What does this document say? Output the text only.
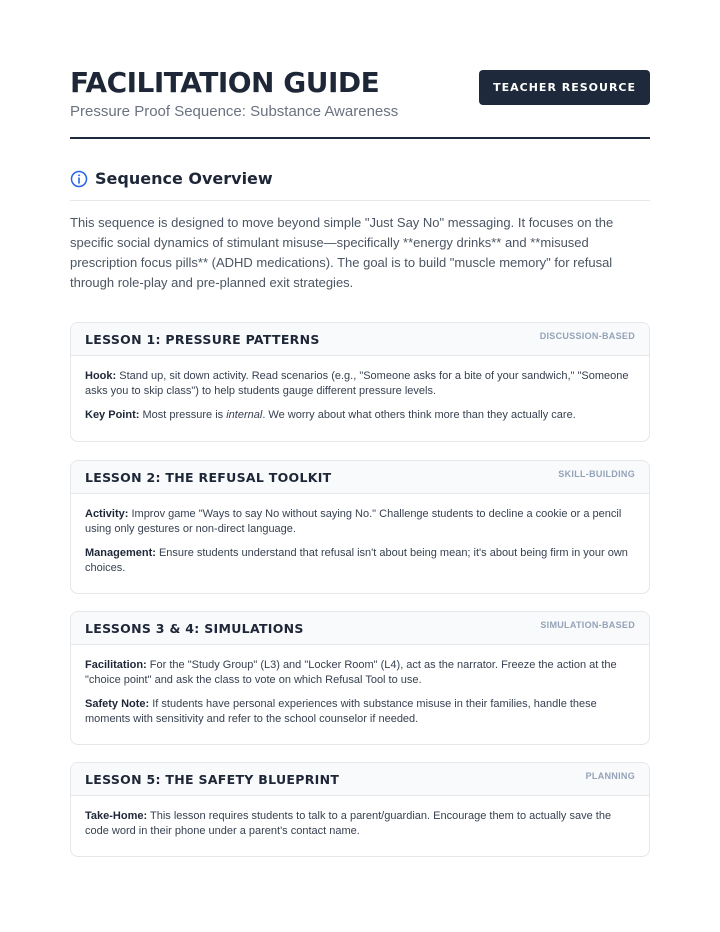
FACILITATION GUIDE
Pressure Proof Sequence: Substance Awareness
TEACHER RESOURCE
Sequence Overview
This sequence is designed to move beyond simple "Just Say No" messaging. It focuses on the specific social dynamics of stimulant misuse—specifically **energy drinks** and **misused prescription focus pills** (ADHD medications). The goal is to build "muscle memory" for refusal through role-play and pre-planned exit strategies.
LESSON 1: PRESSURE PATTERNS	DISCUSSION-BASED

Hook: Stand up, sit down activity. Read scenarios (e.g., "Someone asks for a bite of your sandwich," "Someone asks you to skip class") to help students gauge different pressure levels.

Key Point: Most pressure is internal. We worry about what others think more than they actually care.

LESSON 2: THE REFUSAL TOOLKIT	SKILL-BUILDING

Activity: Improv game "Ways to say No without saying No." Challenge students to decline a cookie or a pencil using only gestures or non-direct language.

Management: Ensure students understand that refusal isn't about being mean; it's about being firm in your own choices.

LESSONS 3 & 4: SIMULATIONS	SIMULATION-BASED

Facilitation: For the "Study Group" (L3) and "Locker Room" (L4), act as the narrator. Freeze the action at the "choice point" and ask the class to vote on which Refusal Tool to use.

Safety Note: If students have personal experiences with substance misuse in their families, handle these moments with sensitivity and refer to the school counselor if needed.

LESSON 5: THE SAFETY BLUEPRINT	PLANNING

Take-Home: This lesson requires students to talk to a parent/guardian. Encourage them to actually save the code word in their phone under a parent's contact name.
